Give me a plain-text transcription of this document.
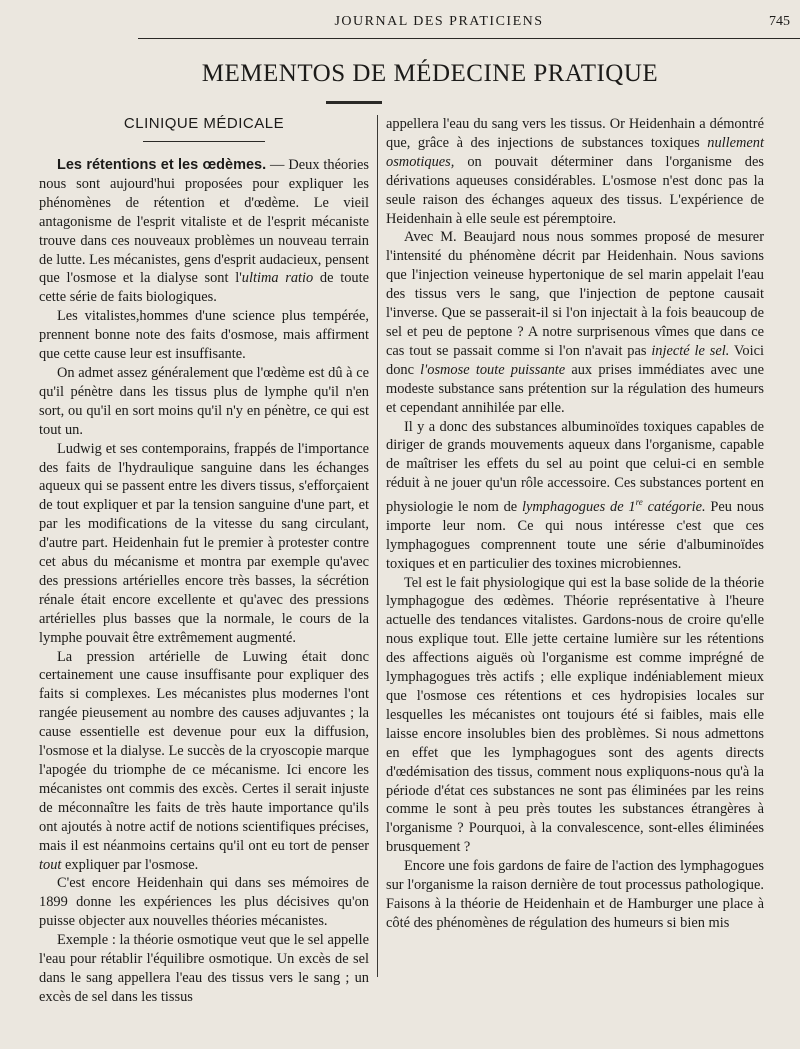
JOURNAL DES PRATICIENS	745
MEMENTOS DE MÉDECINE PRATIQUE
CLINIQUE MÉDICALE

Les rétentions et les œdèmes. — Deux théories nous sont aujourd'hui proposées pour expliquer les phénomènes de rétention et d'œdème. Le vieil antagonisme de l'esprit vitaliste et de l'esprit mécaniste trouve dans ces nouveaux problèmes un nouveau terrain de lutte. Les mécanistes, gens d'esprit audacieux, pensent que l'osmose et la dialyse sont l'ultima ratio de toute cette série de faits biologiques.

Les vitalistes,hommes d'une science plus tempérée, prennent bonne note des faits d'osmose, mais affirment que cette cause leur est insuffisante.

On admet assez généralement que l'œdème est dû à ce qu'il pénètre dans les tissus plus de lymphe qu'il n'en sort, ou qu'il en sort moins qu'il n'y en pénètre, ce qui est tout un.

Ludwig et ses contemporains, frappés de l'importance des faits de l'hydraulique sanguine dans les échanges aqueux qui se passent entre les divers tissus, s'efforçaient de tout expliquer et par la tension sanguine d'une part, et par les modifications de la vitesse du sang circulant, d'autre part. Heidenhain fut le premier à protester contre cet abus du mécanisme et montra par exemple qu'avec des pressions artérielles encore très basses, la sécrétion rénale était encore excellente et qu'avec des pressions artérielles plus basses que la normale, le cours de la lymphe pouvait être extrêmement augmenté.

La pression artérielle de Luwing était donc certainement une cause insuffisante pour expliquer des faits si complexes. Les mécanistes plus modernes l'ont rangée pieusement au nombre des causes adjuvantes ; la cause essentielle est devenue pour eux la diffusion, l'osmose et la dialyse. Le succès de la cryoscopie marque l'apogée du triomphe de ce mécanisme. Ici encore les mécanistes ont commis des excès. Certes il serait injuste de méconnaître les faits de très haute importance qu'ils ont ajoutés à notre actif de notions scientifiques précises, mais il est néanmoins certains qu'il ont eu tort de penser tout expliquer par l'osmose.

C'est encore Heidenhain qui dans ses mémoires de 1899 donne les expériences les plus décisives qu'on puisse objecter aux nouvelles théories mécanistes.

Exemple : la théorie osmotique veut que le sel appelle l'eau pour rétablir l'équilibre osmotique. Un excès de sel dans le sang appellera l'eau des tissus vers le sang ; un excès de sel dans les tissus

appellera l'eau du sang vers les tissus. Or Heidenhain a démontré que, grâce à des injections de substances toxiques nullement osmotiques, on pouvait déterminer dans l'organisme des dérivations aqueuses considérables. L'osmose n'est donc pas la seule raison des échanges aqueux des tissus. L'expérience de Heidenhain à elle seule est péremptoire.

Avec M. Beaujard nous nous sommes proposé de mesurer l'intensité du phénomène décrit par Heidenhain. Nous savions que l'injection veineuse hypertonique de sel marin appelait l'eau des tissus vers le sang, que l'injection de peptone causait l'inverse. Que se passerait-il si l'on injectait à la fois beaucoup de sel et peu de peptone ? A notre surprisenous vîmes que dans ce cas tout se passait comme si l'on n'avait pas injecté le sel. Voici donc l'osmose toute puissante aux prises immédiates avec une modeste substance sans prétention sur la régulation des humeurs et cependant annihilée par elle.

Il y a donc des substances albuminoïdes toxiques capables de diriger de grands mouvements aqueux dans l'organisme, capable de maîtriser les effets du sel au point que celui-ci en semble réduit à ne jouer qu'un rôle accessoire. Ces substances portent en physiologie le nom de lymphagogues de 1re catégorie. Peu nous importe leur nom. Ce qui nous intéresse c'est que ces lymphagogues comprennent toute une série d'albuminoïdes toxiques et en particulier des toxines microbiennes.

Tel est le fait physiologique qui est la base solide de la théorie lymphagogue des œdèmes. Théorie représentative à l'heure actuelle des tendances vitalistes. Gardons-nous de croire qu'elle nous explique tout. Elle jette certaine lumière sur les rétentions des affections aiguës où l'organisme est comme imprégné de lymphagogues très actifs ; elle explique indéniablement mieux que l'osmose ces rétentions et ces hydropisies locales sur lesquelles les mécanistes ont toujours été si faibles, mais elle laisse encore insolubles bien des problèmes. Si nous admettons en effet que les lymphagogues sont des agents directs d'œdémisation des tissus, comment nous expliquons-nous qu'à la période d'état ces substances ne sont pas éliminées par les reins comme le sont à peu près toutes les substances étrangères à l'organisme ? Pourquoi, à la convalescence, sont-elles éliminées brusquement ?

Encore une fois gardons de faire de l'action des lymphagogues sur l'organisme la raison dernière de tout processus pathologique. Faisons à la théorie de Heidenhain et de Hamburger une place à côté des phénomènes de régulation des humeurs si bien mis
